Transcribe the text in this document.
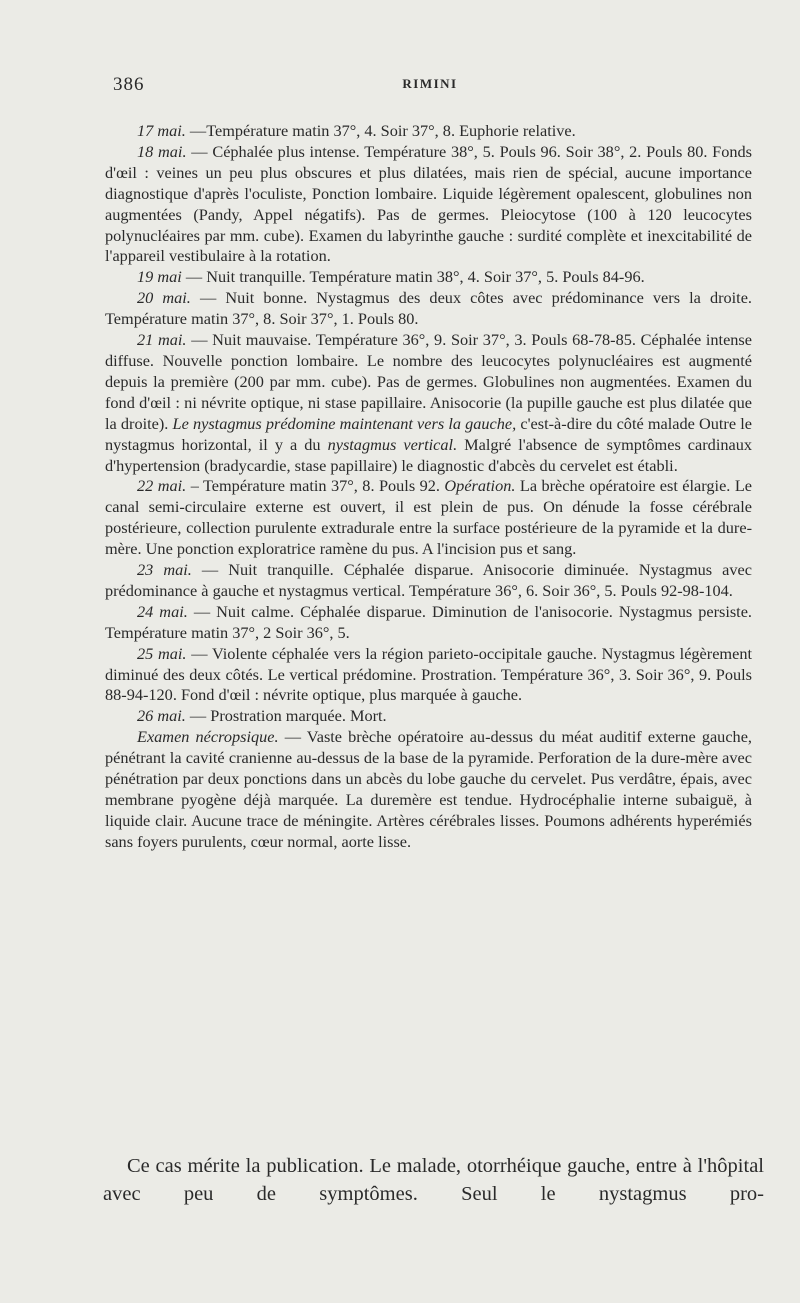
386	RIMINI

17 mai. —Température matin 37°, 4. Soir 37°, 8. Euphorie relative.

18 mai. — Céphalée plus intense. Température 38°, 5. Pouls 96. Soir 38°, 2. Pouls 80. Fonds d'œil : veines un peu plus obscures et plus dilatées, mais rien de spécial, aucune importance diagnostique d'après l'oculiste, Ponction lombaire. Liquide légèrement opalescent, globulines non augmentées (Pandy, Appel négatifs). Pas de germes. Pleiocytose (100 à 120 leucocytes polynucléaires par mm. cube). Examen du labyrinthe gauche : surdité complète et inexcitabilité de l'appareil vestibulaire à la rotation.

19 mai — Nuit tranquille. Température matin 38°, 4. Soir 37°, 5. Pouls 84-96.

20 mai. — Nuit bonne. Nystagmus des deux côtes avec prédominance vers la droite. Température matin 37°, 8. Soir 37°, 1. Pouls 80.

21 mai. — Nuit mauvaise. Température 36°, 9. Soir 37°, 3. Pouls 68-78-85. Céphalée intense diffuse. Nouvelle ponction lombaire. Le nombre des leucocytes polynucléaires est augmenté depuis la première (200 par mm. cube). Pas de germes. Globulines non augmentées. Examen du fond d'œil : ni névrite optique, ni stase papillaire. Anisocorie (la pupille gauche est plus dilatée que la droite). Le nystagmus prédomine maintenant vers la gauche, c'est-à-dire du côté malade Outre le nystagmus horizontal, il y a du nystagmus vertical. Malgré l'absence de symptômes cardinaux d'hypertension (bradycardie, stase papillaire) le diagnostic d'abcès du cervelet est établi.

22 mai. – Température matin 37°, 8. Pouls 92. Opération. La brèche opératoire est élargie. Le canal semi-circulaire externe est ouvert, il est plein de pus. On dénude la fosse cérébrale postérieure, collection purulente extradurale entre la surface postérieure de la pyramide et la dure-mère. Une ponction exploratrice ramène du pus. A l'incision pus et sang.

23 mai. — Nuit tranquille. Céphalée disparue. Anisocorie diminuée. Nystagmus avec prédominance à gauche et nystagmus vertical. Température 36°, 6. Soir 36°, 5. Pouls 92-98-104.

24 mai. — Nuit calme. Céphalée disparue. Diminution de l'anisocorie. Nystagmus persiste. Température matin 37°, 2 Soir 36°, 5.

25 mai. — Violente céphalée vers la région parieto-occipitale gauche. Nystagmus légèrement diminué des deux côtés. Le vertical prédomine. Prostration. Température 36°, 3. Soir 36°, 9. Pouls 88-94-120. Fond d'œil : névrite optique, plus marquée à gauche.

26 mai. — Prostration marquée. Mort.

Examen nécropsique. — Vaste brèche opératoire au-dessus du méat auditif externe gauche, pénétrant la cavité cranienne au-dessus de la base de la pyramide. Perforation de la dure-mère avec pénétration par deux ponctions dans un abcès du lobe gauche du cervelet. Pus verdâtre, épais, avec membrane pyogène déjà marquée. La duremère est tendue. Hydrocéphalie interne subaiguë, à liquide clair. Aucune trace de méningite. Artères cérébrales lisses. Poumons adhérents hyperémiés sans foyers purulents, cœur normal, aorte lisse.

Ce cas mérite la publication. Le malade, otorrhéique gauche, entre à l'hôpital avec peu de symptômes. Seul le nystagmus pro-
